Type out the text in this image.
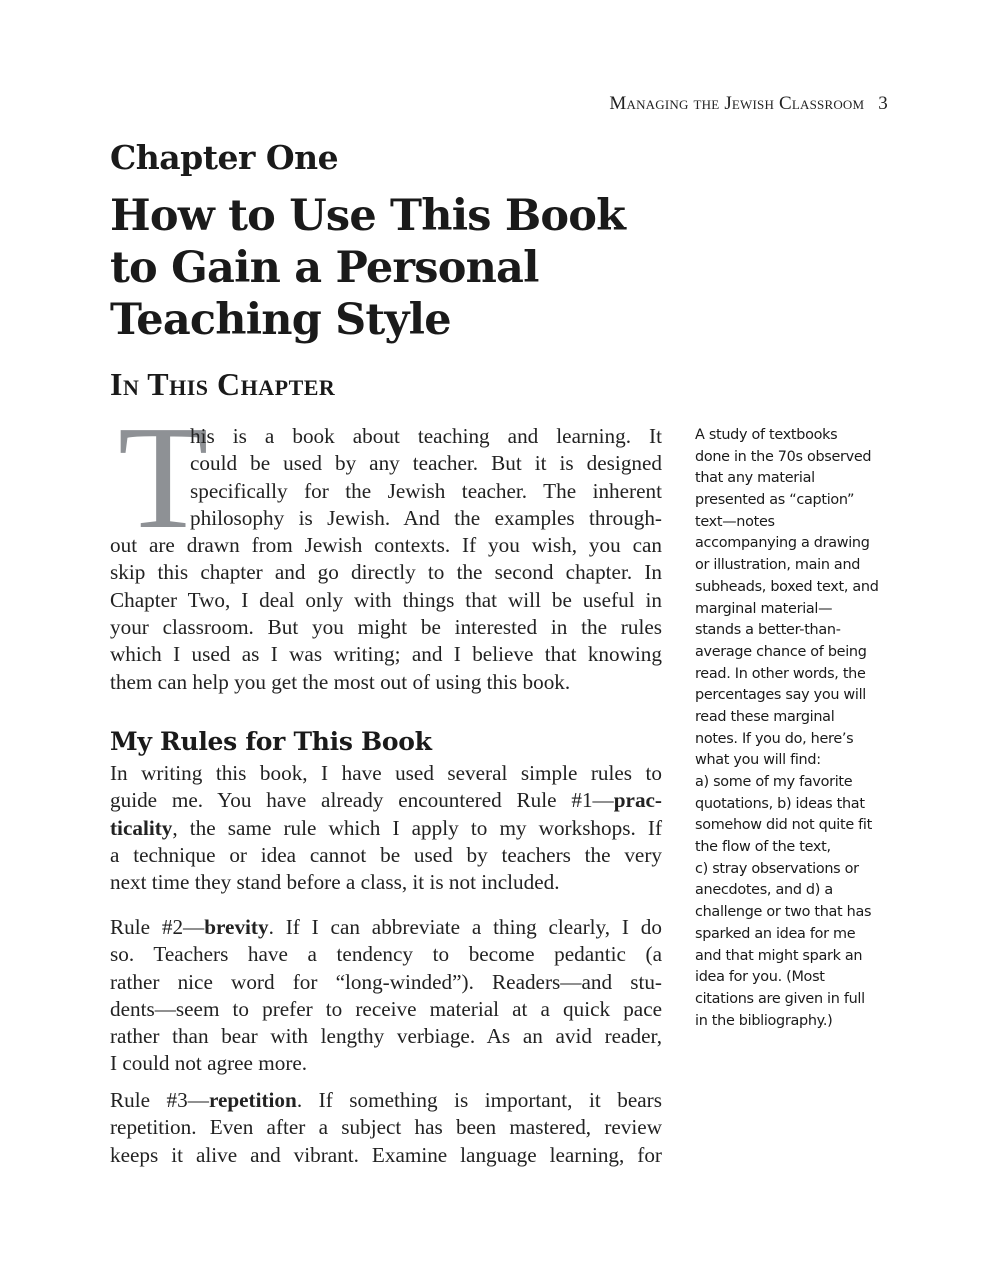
Managing the Jewish Classroom 3
Chapter One
How to Use This Book
to Gain a Personal
Teaching Style
In This Chapter
T
his is a book about teaching and learning. It
could be used by any teacher. But it is designed
specifically for the Jewish teacher. The inherent
philosophy is Jewish. And the examples through-
out are drawn from Jewish contexts. If you wish, you can
skip this chapter and go directly to the second chapter. In
Chapter Two, I deal only with things that will be useful in
your classroom. But you might be interested in the rules
which I used as I was writing; and I believe that knowing
them can help you get the most out of using this book.
My Rules for This Book
In writing this book, I have used several simple rules to
guide me. You have already encountered Rule #1—prac-
ticality, the same rule which I apply to my workshops. If
a technique or idea cannot be used by teachers the very
next time they stand before a class, it is not included.
Rule #2—brevity. If I can abbreviate a thing clearly, I do
so. Teachers have a tendency to become pedantic (a
rather nice word for “long-winded”). Readers—and stu-
dents—seem to prefer to receive material at a quick pace
rather than bear with lengthy verbiage. As an avid reader,
I could not agree more.
Rule #3—repetition. If something is important, it bears
repetition. Even after a subject has been mastered, review
keeps it alive and vibrant. Examine language learning, for
A study of textbooks
done in the 70s observed
that any material
presented as “caption”
text—notes
accompanying a drawing
or illustration, main and
subheads, boxed text, and
marginal material—
stands a better-than-
average chance of being
read. In other words, the
percentages say you will
read these marginal
notes. If you do, here’s
what you will find:
a) some of my favorite
quotations, b) ideas that
somehow did not quite fit
the flow of the text,
c) stray observations or
anecdotes, and d) a
challenge or two that has
sparked an idea for me
and that might spark an
idea for you. (Most
citations are given in full
in the bibliography.)
